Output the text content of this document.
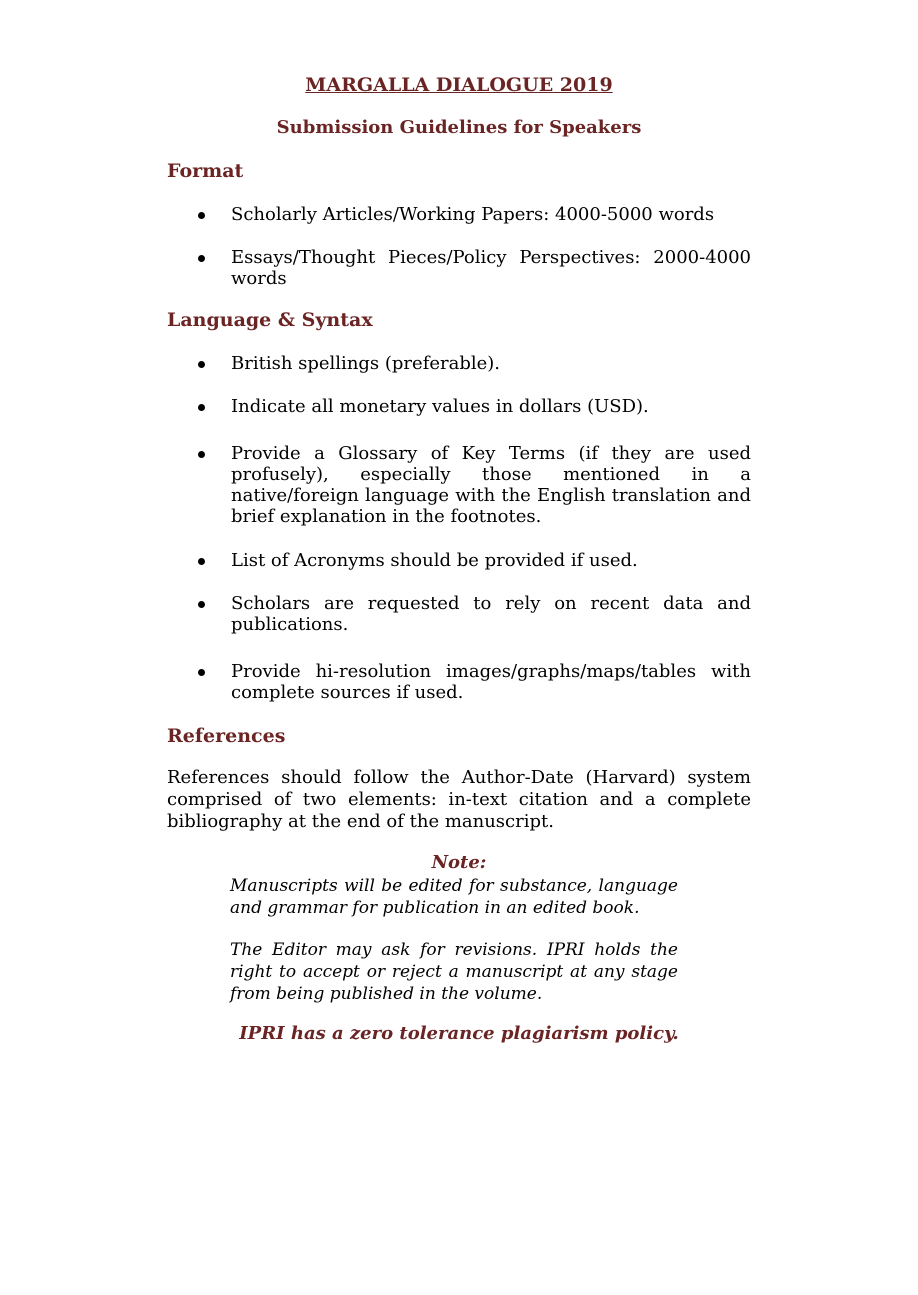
MARGALLA DIALOGUE 2019
Submission Guidelines for Speakers
Format
Scholarly Articles/Working Papers: 4000-5000 words
Essays/Thought Pieces/Policy Perspectives: 2000-4000 words
Language & Syntax
British spellings (preferable).
Indicate all monetary values in dollars (USD).
Provide a Glossary of Key Terms (if they are used profusely), especially those mentioned in a native/foreign language with the English translation and brief explanation in the footnotes.
List of Acronyms should be provided if used.
Scholars are requested to rely on recent data and publications.
Provide hi-resolution images/graphs/maps/tables with complete sources if used.
References
References should follow the Author-Date (Harvard) system comprised of two elements: in-text citation and a complete bibliography at the end of the manuscript.
Note:
Manuscripts will be edited for substance, language and grammar for publication in an edited book.
The Editor may ask for revisions. IPRI holds the right to accept or reject a manuscript at any stage from being published in the volume.
IPRI has a zero tolerance plagiarism policy.
